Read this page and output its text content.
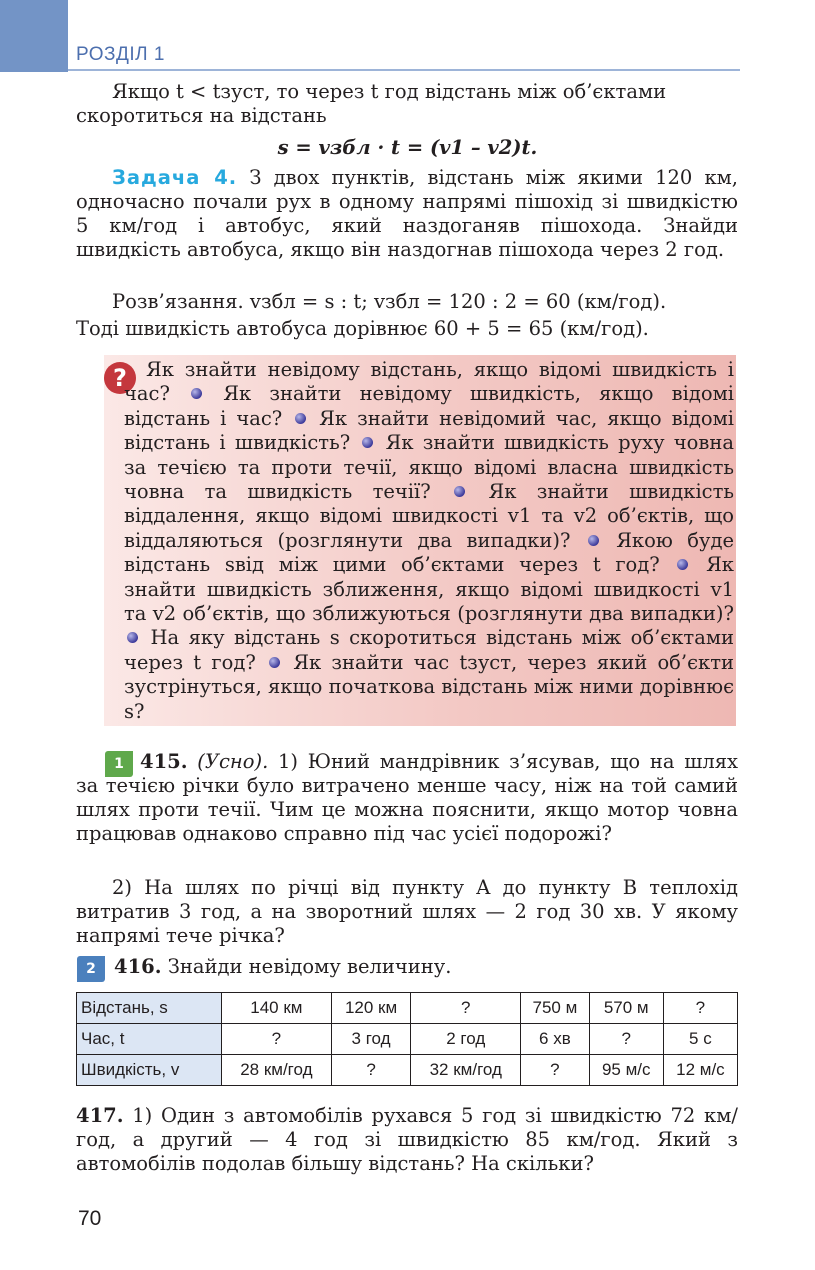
РОЗДІЛ 1
Якщо t < tзуст, то через t год відстань між об’єктами
скоротиться на відстань
s = vзбл · t = (v1 – v2)t.
Задача 4. З двох пунктів, відстань між якими 120 км, одночасно почали рух в одному напрямі пішохід зі швидкістю 5 км/год і автобус, який наздоганяв пішохода. Знайди швидкість автобуса, якщо він наздогнав пішохода через 2 год.
Розв’язання. vзбл = s : t; vзбл = 120 : 2 = 60 (км/год).
Тоді швидкість автобуса дорівнює 60 + 5 = 65 (км/год).
? Як знайти невідому відстань, якщо відомі швидкість і час?	Як знайти невідому швидкість, якщо відомі відстань і час? Як знайти невідомий час, якщо відомі відстань і швидкість? Як знайти швидкість руху човна за течією та проти течії, якщо відомі власна швидкість човна та швидкість течії?	Як знайти швидкість віддалення, якщо відомі швидкості v1 та v2 об’єктів, що віддаляються (розглянути два випадки)? Якою буде відстань sвід між цими об’єктами через t год? Як знайти швидкість зближення, якщо відомі швидкості v1 та v2 об’єктів, що зближуються (розглянути два випадки)?  На яку відстань s скоротиться відстань між об’єктами через t год? Як знайти час tзуст, через який об’єкти зустрінуться, якщо початкова відстань між ними дорівнює s?
1 415. (Усно). 1) Юний мандрівник з’ясував, що на шлях за течією річки було витрачено менше часу, ніж на той самий шлях проти течії. Чим це можна пояснити, якщо мотор човна працював однаково справно під час усієї подорожі?
2) На шлях по річці від пункту A до пункту B теплохід витратив 3 год, а на зворотний шлях — 2 год 30 хв. У якому напрямі тече річка?
2 416. Знайди невідому величину.
Відстань, s	140 км	120 км	?	750 м	570 м	?
Час, t	?	3 год	2 год	6 хв	?	5 с
Швидкість, v	28 км/год	?	32 км/год	?	95 м/с	12 м/с
417. 1) Один з автомобілів рухався 5 год зі швидкістю 72 км/год, а другий — 4 год зі швидкістю 85 км/год. Який з автомобілів подолав більшу відстань? На скільки?
70
